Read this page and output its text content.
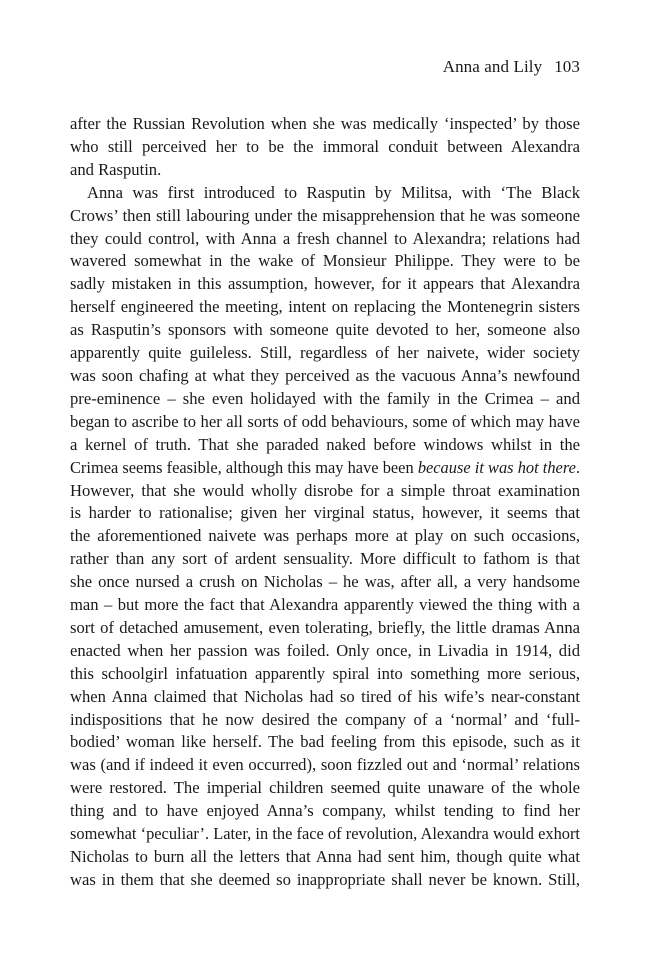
Anna and Lily 103
after the Russian Revolution when she was medically ‘inspected’ by those
who still perceived her to be the immoral conduit between Alexandra
and Rasputin.
Anna was first introduced to Rasputin by Militsa, with ‘The Black
Crows’ then still labouring under the misapprehension that he was someone
they could control, with Anna a fresh channel to Alexandra; relations had
wavered somewhat in the wake of Monsieur Philippe. They were to be
sadly mistaken in this assumption, however, for it appears that Alexandra
herself engineered the meeting, intent on replacing the Montenegrin sisters
as Rasputin’s sponsors with someone quite devoted to her, someone also
apparently quite guileless. Still, regardless of her naivete, wider society
was soon chafing at what they perceived as the vacuous Anna’s newfound
pre-eminence – she even holidayed with the family in the Crimea – and
began to ascribe to her all sorts of odd behaviours, some of which may have
a kernel of truth. That she paraded naked before windows whilst in the
Crimea seems feasible, although this may have been because it was hot there.
However, that she would wholly disrobe for a simple throat examination
is harder to rationalise; given her virginal status, however, it seems that
the aforementioned naivete was perhaps more at play on such occasions,
rather than any sort of ardent sensuality. More difficult to fathom is that
she once nursed a crush on Nicholas – he was, after all, a very handsome
man – but more the fact that Alexandra apparently viewed the thing with a
sort of detached amusement, even tolerating, briefly, the little dramas Anna
enacted when her passion was foiled. Only once, in Livadia in 1914, did
this schoolgirl infatuation apparently spiral into something more serious,
when Anna claimed that Nicholas had so tired of his wife’s near-constant
indispositions that he now desired the company of a ‘normal’ and ‘full-
bodied’ woman like herself. The bad feeling from this episode, such as it
was (and if indeed it even occurred), soon fizzled out and ‘normal’ relations
were restored. The imperial children seemed quite unaware of the whole
thing and to have enjoyed Anna’s company, whilst tending to find her
somewhat ‘peculiar’. Later, in the face of revolution, Alexandra would exhort
Nicholas to burn all the letters that Anna had sent him, though quite what
was in them that she deemed so inappropriate shall never be known. Still,
